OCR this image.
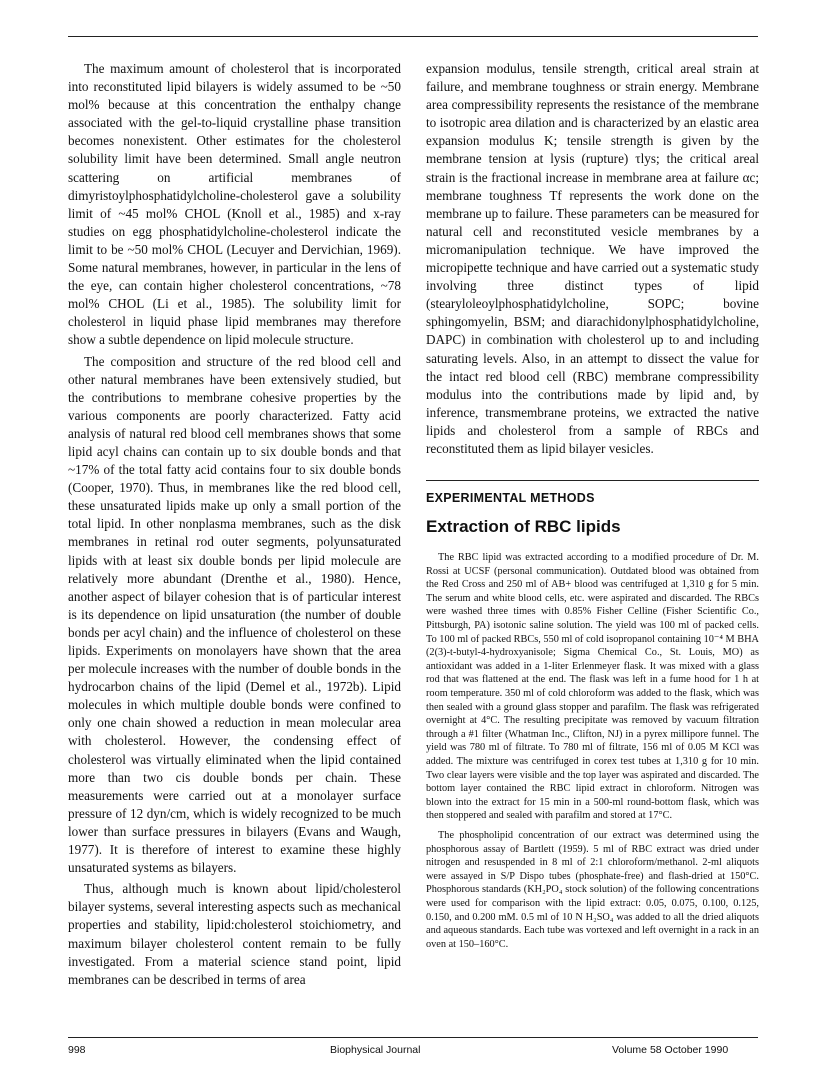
The maximum amount of cholesterol that is incorporated into reconstituted lipid bilayers is widely assumed to be ~50 mol% because at this concentration the enthalpy change associated with the gel-to-liquid crystalline phase transition becomes nonexistent. Other estimates for the cholesterol solubility limit have been determined. Small angle neutron scattering on artificial membranes of dimyristoylphosphatidylcholine-cholesterol gave a solubility limit of ~45 mol% CHOL (Knoll et al., 1985) and x-ray studies on egg phosphatidylcholine-cholesterol indicate the limit to be ~50 mol% CHOL (Lecuyer and Dervichian, 1969). Some natural membranes, however, in particular in the lens of the eye, can contain higher cholesterol concentrations, ~78 mol% CHOL (Li et al., 1985). The solubility limit for cholesterol in liquid phase lipid membranes may therefore show a subtle dependence on lipid molecule structure.

The composition and structure of the red blood cell and other natural membranes have been extensively studied, but the contributions to membrane cohesive properties by the various components are poorly characterized. Fatty acid analysis of natural red blood cell membranes shows that some lipid acyl chains can contain up to six double bonds and that ~17% of the total fatty acid contains four to six double bonds (Cooper, 1970). Thus, in membranes like the red blood cell, these unsaturated lipids make up only a small portion of the total lipid. In other nonplasma membranes, such as the disk membranes in retinal rod outer segments, polyunsaturated lipids with at least six double bonds per lipid molecule are relatively more abundant (Drenthe et al., 1980). Hence, another aspect of bilayer cohesion that is of particular interest is its dependence on lipid unsaturation (the number of double bonds per acyl chain) and the influence of cholesterol on these lipids. Experiments on monolayers have shown that the area per molecule increases with the number of double bonds in the hydrocarbon chains of the lipid (Demel et al., 1972b). Lipid molecules in which multiple double bonds were confined to only one chain showed a reduction in mean molecular area with cholesterol. However, the condensing effect of cholesterol was virtually eliminated when the lipid contained more than two cis double bonds per chain. These measurements were carried out at a monolayer surface pressure of 12 dyn/cm, which is widely recognized to be much lower than surface pressures in bilayers (Evans and Waugh, 1977). It is therefore of interest to examine these highly unsaturated systems as bilayers.

Thus, although much is known about lipid/cholesterol bilayer systems, several interesting aspects such as mechanical properties and stability, lipid:cholesterol stoichiometry, and maximum bilayer cholesterol content remain to be fully investigated. From a material science stand point, lipid membranes can be described in terms of area

expansion modulus, tensile strength, critical areal strain at failure, and membrane toughness or strain energy. Membrane area compressibility represents the resistance of the membrane to isotropic area dilation and is characterized by an elastic area expansion modulus K; tensile strength is given by the membrane tension at lysis (rupture) τlys; the critical areal strain is the fractional increase in membrane area at failure αc; membrane toughness Tf represents the work done on the membrane up to failure. These parameters can be measured for natural cell and reconstituted vesicle membranes by a micromanipulation technique. We have improved the micropipette technique and have carried out a systematic study involving three distinct types of lipid (stearyloleoylphosphatidylcholine, SOPC; bovine sphingomyelin, BSM; and diarachidonylphosphatidylcholine, DAPC) in combination with cholesterol up to and including saturating levels. Also, in an attempt to dissect the value for the intact red blood cell (RBC) membrane compressibility modulus into the contributions made by lipid and, by inference, transmembrane proteins, we extracted the native lipids and cholesterol from a sample of RBCs and reconstituted them as lipid bilayer vesicles.

EXPERIMENTAL METHODS
Extraction of RBC lipids

The RBC lipid was extracted according to a modified procedure of Dr. M. Rossi at UCSF (personal communication). Outdated blood was obtained from the Red Cross and 250 ml of AB+ blood was centrifuged at 1,310 g for 5 min. The serum and white blood cells, etc. were aspirated and discarded. The RBCs were washed three times with 0.85% Fisher Celline (Fisher Scientific Co., Pittsburgh, PA) isotonic saline solution. The yield was 100 ml of packed cells. To 100 ml of packed RBCs, 550 ml of cold isopropanol containing 10⁻⁴ M BHA (2(3)-t-butyl-4-hydroxyanisole; Sigma Chemical Co., St. Louis, MO) as antioxidant was added in a 1-liter Erlenmeyer flask. It was mixed with a glass rod that was flattened at the end. The flask was left in a fume hood for 1 h at room temperature. 350 ml of cold chloroform was added to the flask, which was then sealed with a ground glass stopper and parafilm. The flask was refrigerated overnight at 4°C. The resulting precipitate was removed by vacuum filtration through a #1 filter (Whatman Inc., Clifton, NJ) in a pyrex millipore funnel. The yield was 780 ml of filtrate. To 780 ml of filtrate, 156 ml of 0.05 M KCl was added. The mixture was centrifuged in corex test tubes at 1,310 g for 10 min. Two clear layers were visible and the top layer was aspirated and discarded. The bottom layer contained the RBC lipid extract in chloroform. Nitrogen was blown into the extract for 15 min in a 500-ml round-bottom flask, which was then stoppered and sealed with parafilm and stored at 17°C.

The phospholipid concentration of our extract was determined using the phosphorous assay of Bartlett (1959). 5 ml of RBC extract was dried under nitrogen and resuspended in 8 ml of 2:1 chloroform/methanol. 2-ml aliquots were assayed in S/P Dispo tubes (phosphate-free) and flash-dried at 150°C. Phosphorous standards (KH₂PO₄ stock solution) of the following concentrations were used for comparison with the lipid extract: 0.05, 0.075, 0.100, 0.125, 0.150, and 0.200 mM. 0.5 ml of 10 N H₂SO₄ was added to all the dried aliquots and aqueous standards. Each tube was vortexed and left overnight in a rack in an oven at 150–160°C.

998	Biophysical Journal	Volume 58 October 1990
